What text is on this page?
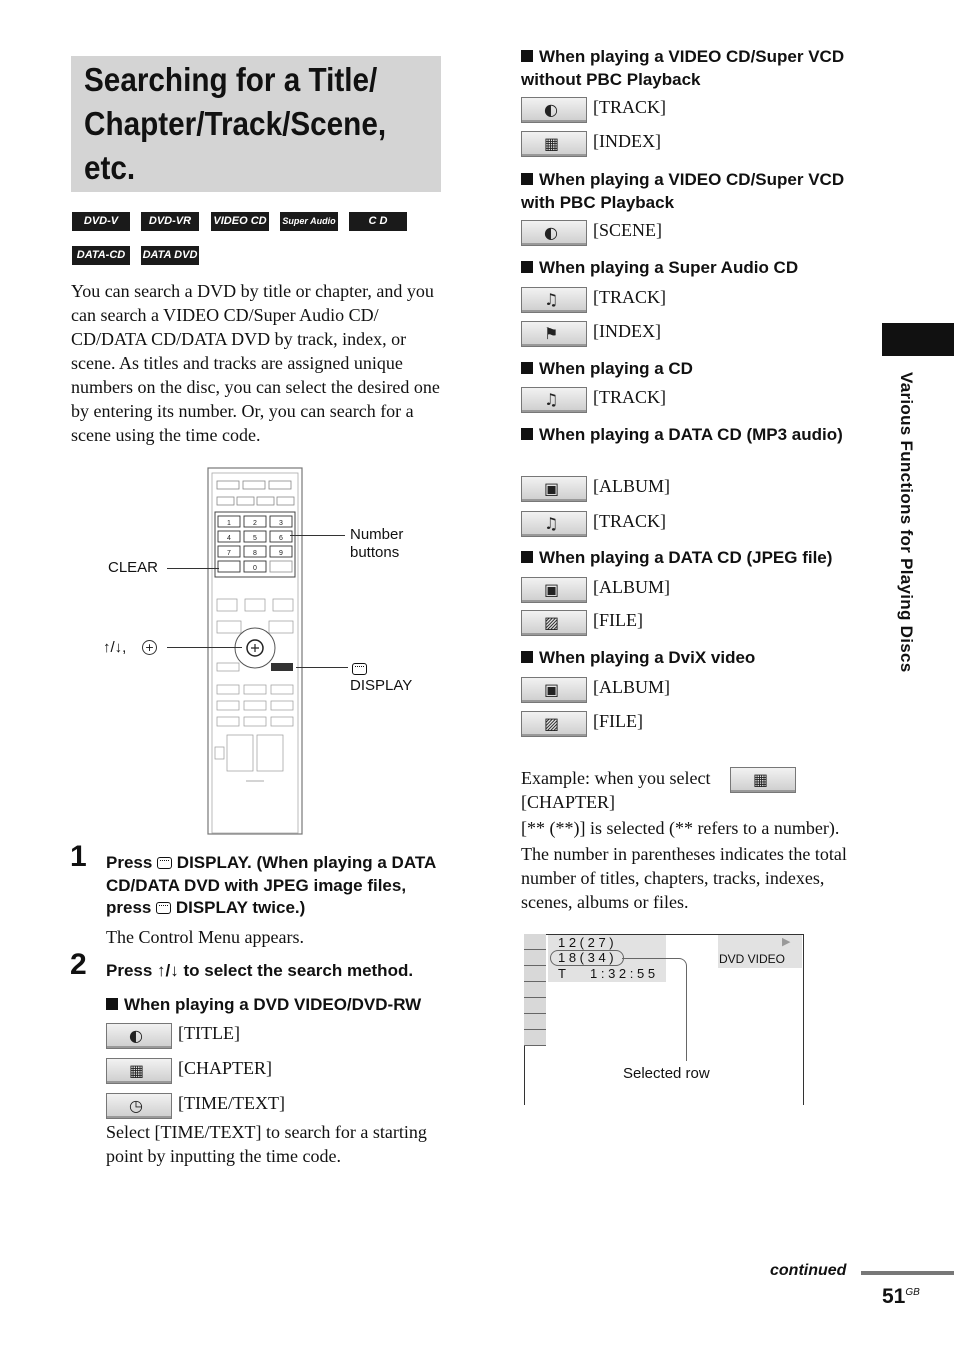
Searching for a Title/
Chapter/Track/Scene,
etc.
DVD-V	DVD-VR	VIDEO CD Super Audio CD
C D
DATA-CD	DATA DVD
You can search a DVD by title or chapter, and you can search a VIDEO CD/Super Audio CD/ CD/DATA CD/DATA DVD by track, index, or scene. As titles and tracks are assigned unique numbers on the disc, you can select the desired one by entering its number. Or, you can search for a scene using the time code.
1	2	3
4	5	6
7	8	9
0
CLEAR
Number buttons
↑/↓, +
DISPLAY
1 Press DISPLAY. (When playing a DATA CD/DATA DVD with JPEG image files, press DISPLAY twice.)
The Control Menu appears.
2 Press ↑/↓ to select the search method.
When playing a DVD VIDEO/DVD-RW
◐ [TITLE]
▦ [CHAPTER]
◷ [TIME/TEXT]
Select [TIME/TEXT] to search for a starting point by inputting the time code.
When playing a VIDEO CD/Super VCD without PBC Playback
◐ [TRACK]
▦ [INDEX]
When playing a VIDEO CD/Super VCD with PBC Playback
◐ [SCENE]
When playing a Super Audio CD
♫ [TRACK]
⚑ [INDEX]
When playing a CD
♫ [TRACK]
When playing a DATA CD (MP3 audio)
▣ [ALBUM]
♫ [TRACK]
When playing a DATA CD (JPEG file)
▣ [ALBUM]
▨ [FILE]
When playing a DviX video
▣ [ALBUM]
▨ [FILE]
Example: when you select	▦
[CHAPTER]
[** (**)] is selected (** refers to a number).
The number in parentheses indicates the total number of titles, chapters, tracks, indexes, scenes, albums or files.
1 2 ( 2 7 )
1 8 ( 3 4 )
T 1 : 3 2 : 5 5
▶
DVD VIDEO
Selected row
Various Functions for Playing Discs
continued
$51^{GB}$
